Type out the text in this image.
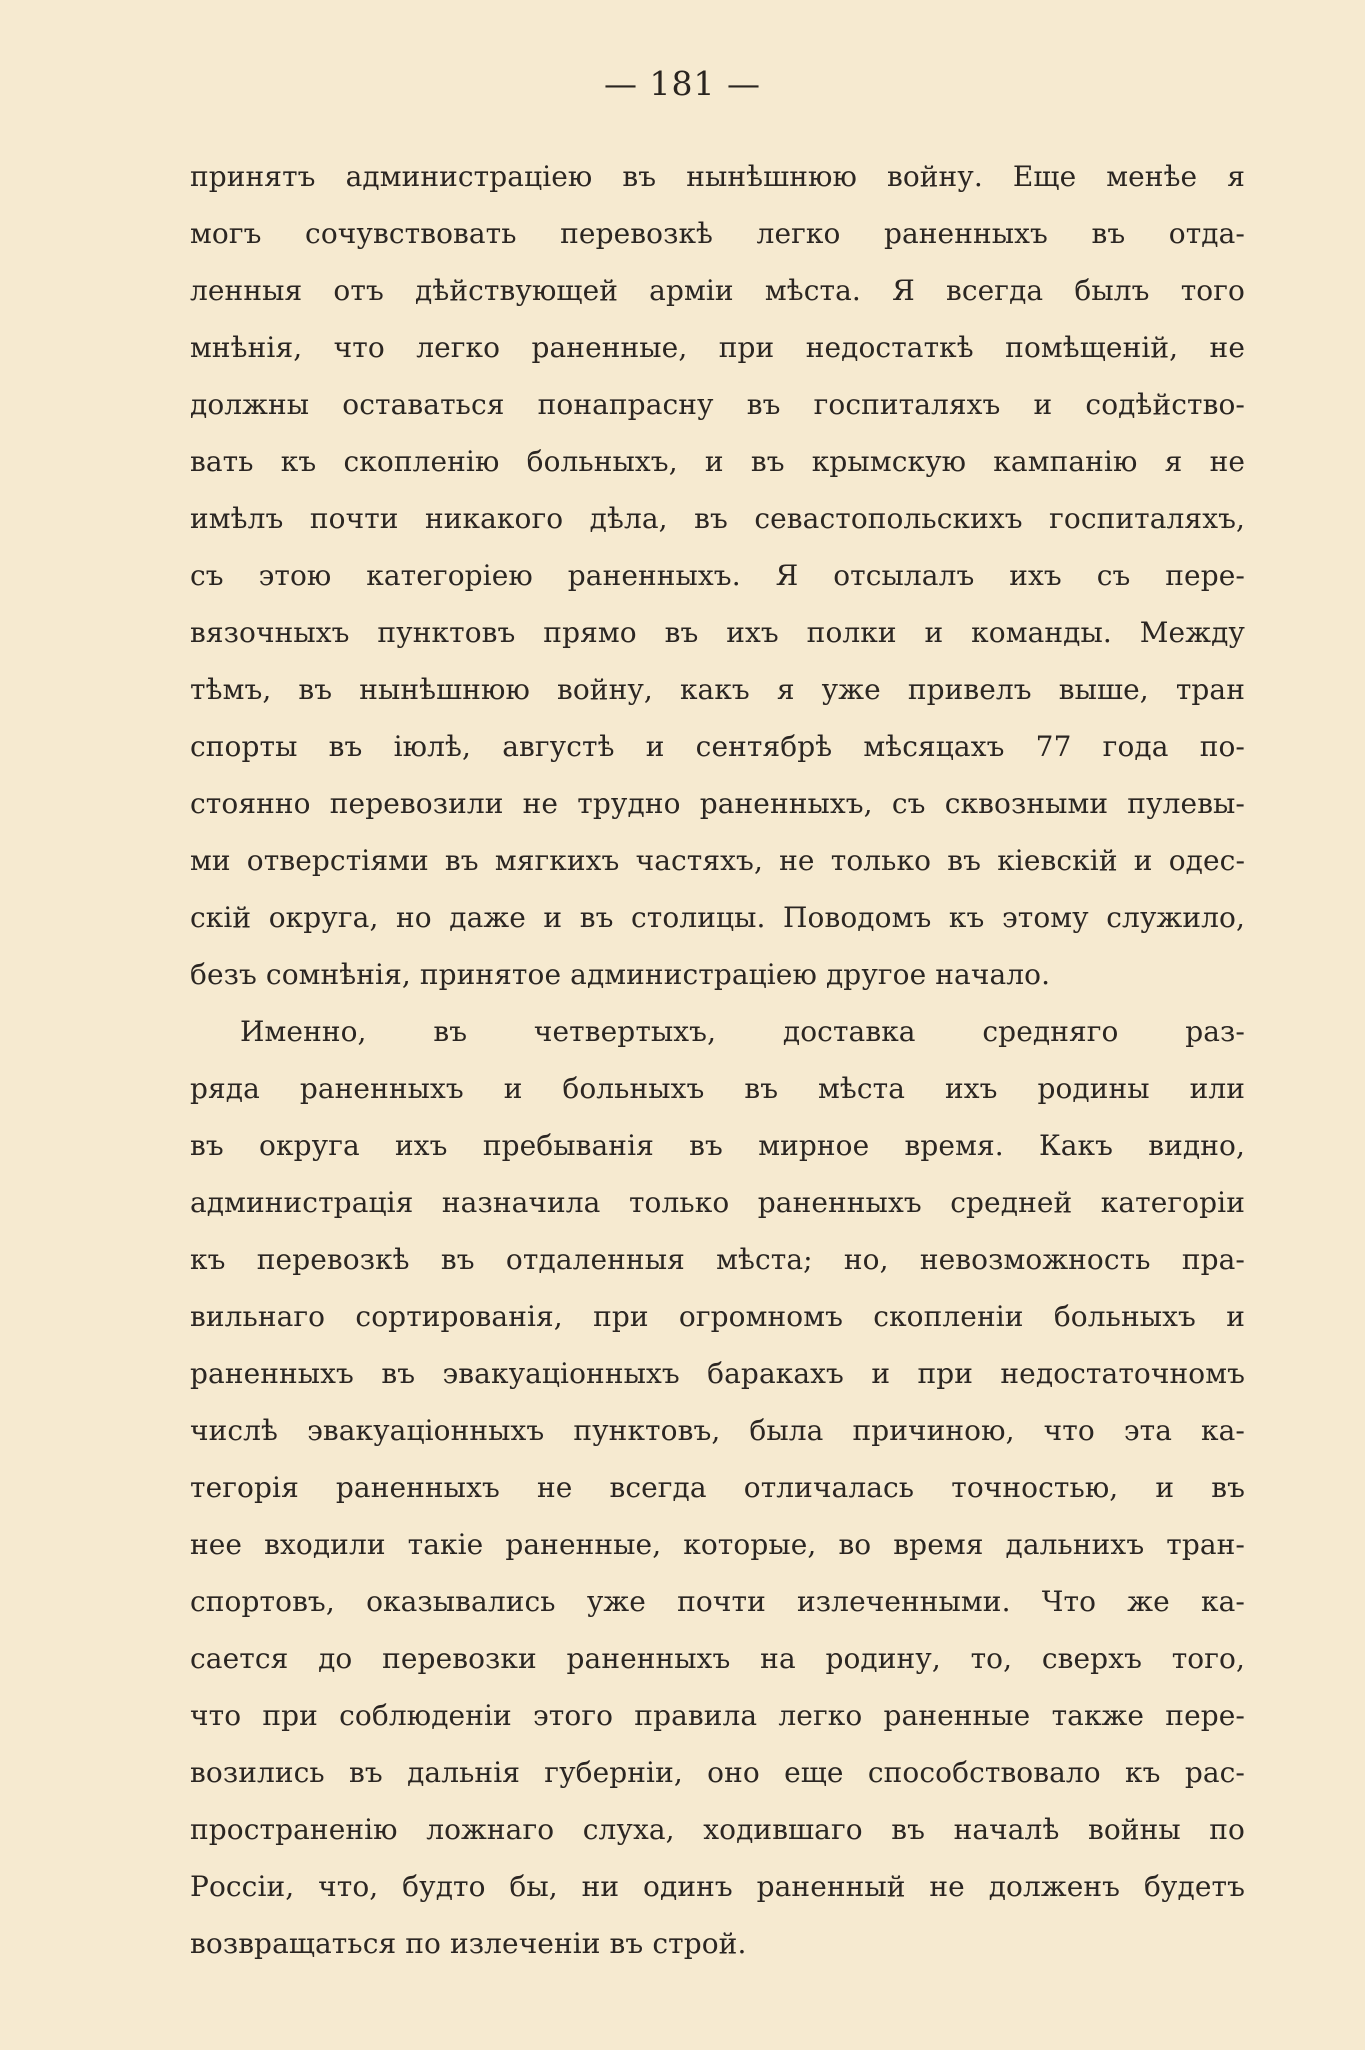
— 181 —
принятъ администраціею въ нынѣшнюю войну. Еще менѣе я
могъ сочувствовать перевозкѣ легко раненныхъ въ отда-
ленныя отъ дѣйствующей арміи мѣста. Я всегда былъ того
мнѣнія, что легко раненные, при недостаткѣ помѣщеній, не
должны оставаться понапрасну въ госпиталяхъ и содѣйство-
вать къ скопленію больныхъ, и въ крымскую кампанію я не
имѣлъ почти никакого дѣла, въ севастопольскихъ госпиталяхъ,
съ этою категоріею раненныхъ. Я отсылалъ ихъ съ пере-
вязочныхъ пунктовъ прямо въ ихъ полки и команды. Между
тѣмъ, въ нынѣшнюю войну, какъ я уже привелъ выше, тран
спорты въ іюлѣ, августѣ и сентябрѣ мѣсяцахъ 77 года по-
стоянно перевозили не трудно раненныхъ, съ сквозными пулевы-
ми отверстіями въ мягкихъ частяхъ, не только въ кіевскій и одес-
скій округа, но даже и въ столицы. Поводомъ къ этому служило,
безъ сомнѣнія, принятое администраціею другое начало.
Именно, въ четвертыхъ, доставка средняго раз-
ряда раненныхъ и больныхъ въ мѣста ихъ родины или
въ округа ихъ пребыванія въ мирное время. Какъ видно,
администрація назначила только раненныхъ средней категоріи
къ перевозкѣ въ отдаленныя мѣста; но, невозможность пра-
вильнаго сортированія, при огромномъ скопленіи больныхъ и
раненныхъ въ эвакуаціонныхъ баракахъ и при недостаточномъ
числѣ эвакуаціонныхъ пунктовъ, была причиною, что эта ка-
тегорія раненныхъ не всегда отличалась точностью, и въ
нее входили такіе раненные, которые, во время дальнихъ тран-
спортовъ, оказывались уже почти излеченными. Что же ка-
сается до перевозки раненныхъ на родину, то, сверхъ того,
что при соблюденіи этого правила легко раненные также пере-
возились въ дальнія губерніи, оно еще способствовало къ рас-
пространенію ложнаго слуха, ходившаго въ началѣ войны по
Россіи, что, будто бы, ни одинъ раненный не долженъ будетъ
возвращаться по излеченіи въ строй.
